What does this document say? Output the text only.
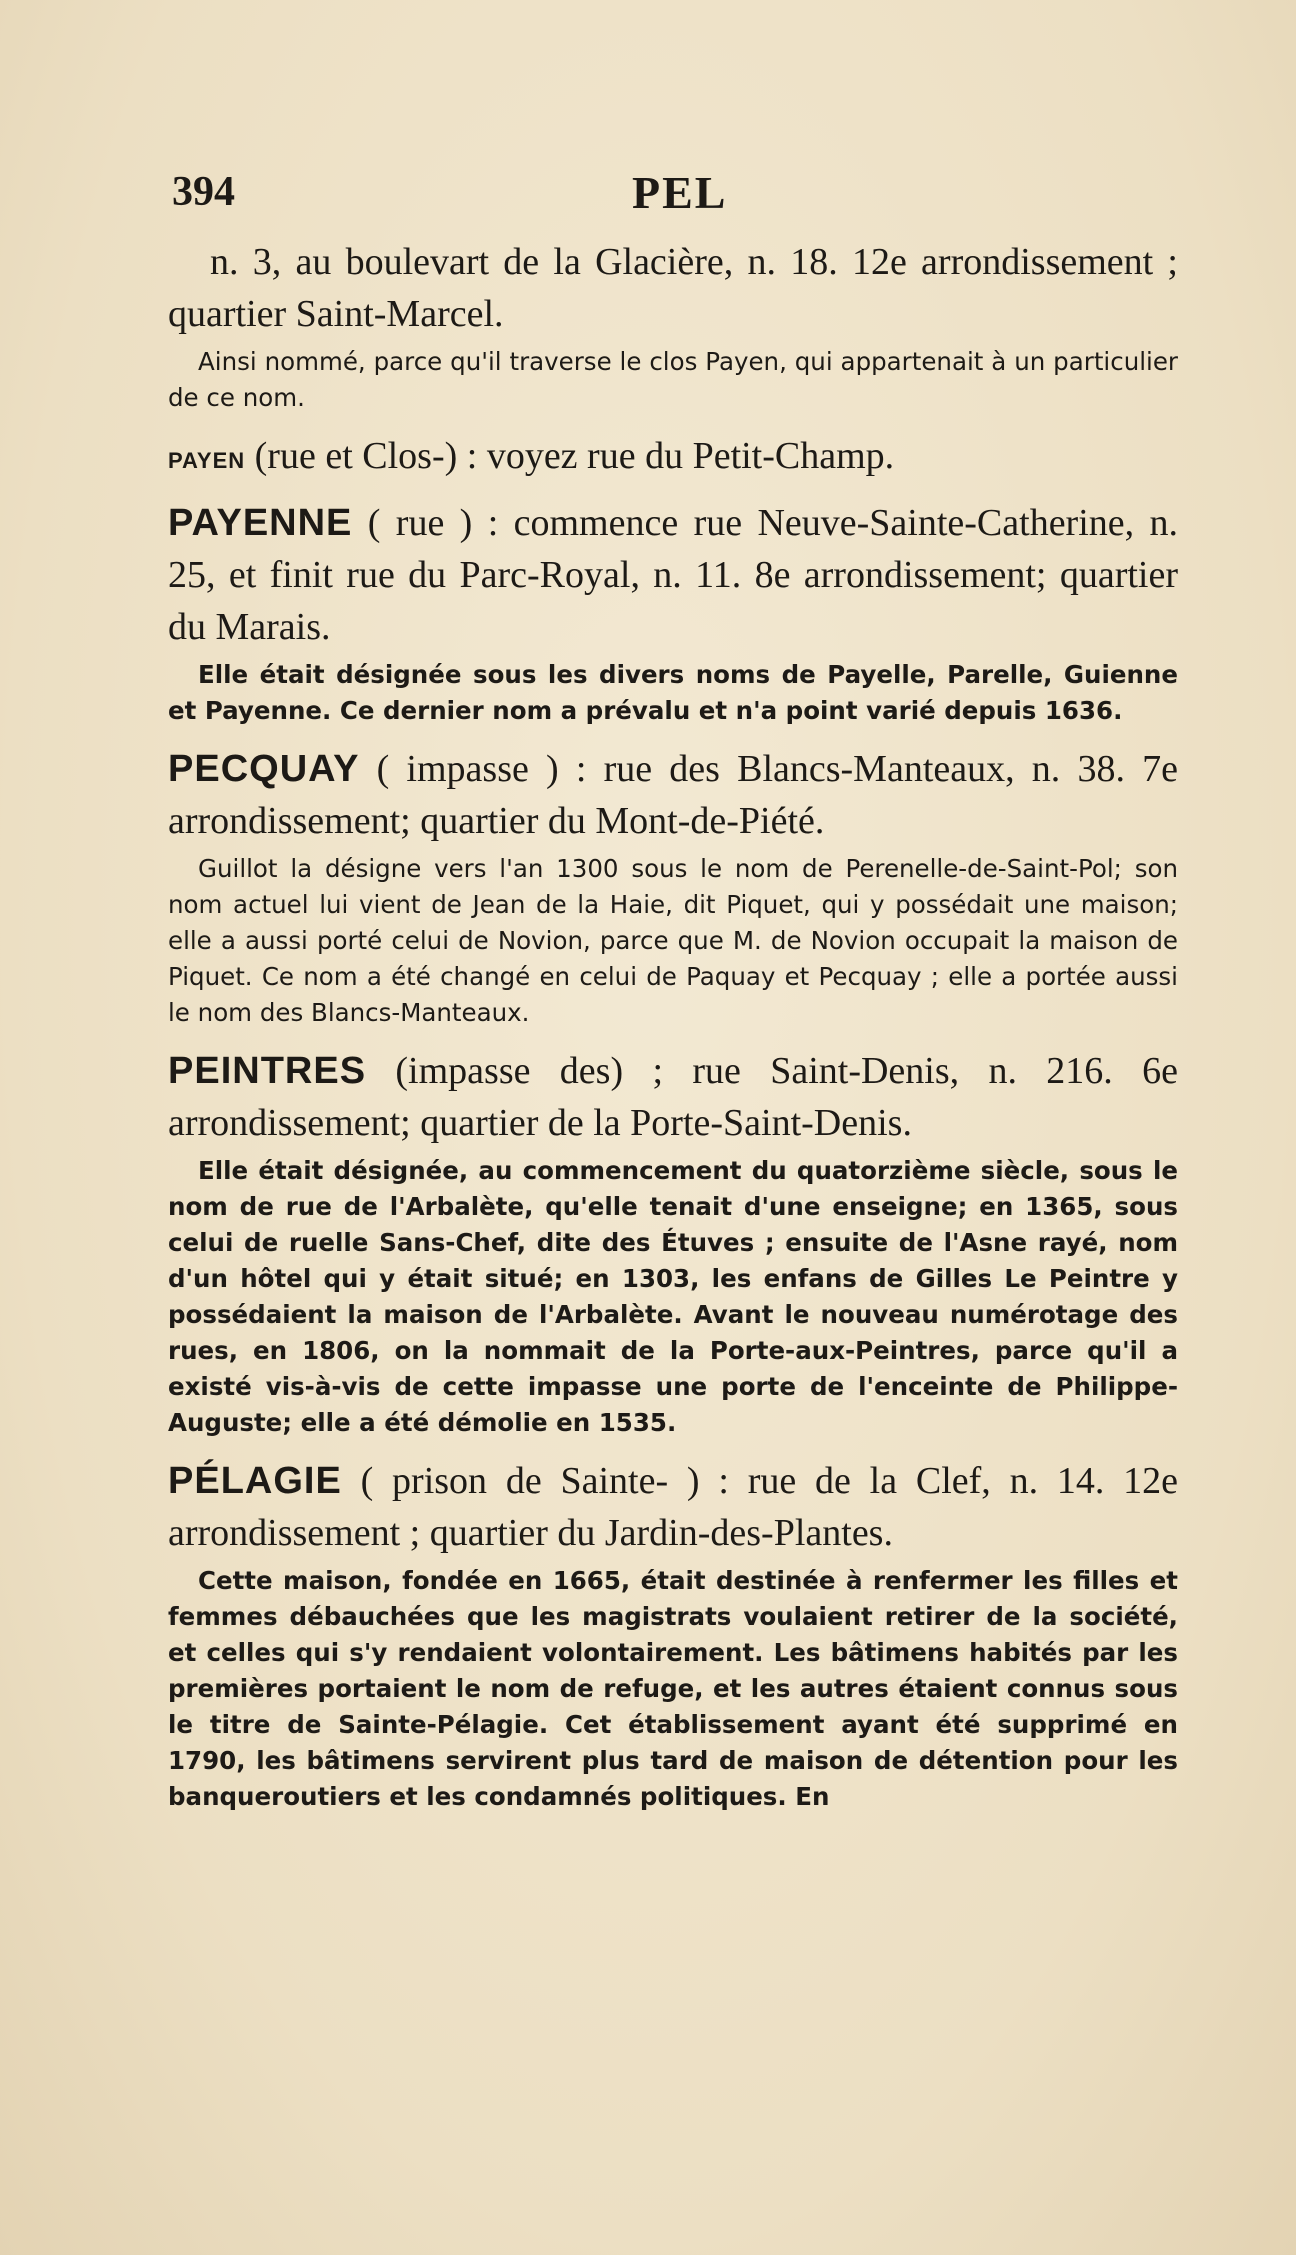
394	PEL

n. 3, au boulevart de la Glacière, n. 18. 12e arrondissement ; quartier Saint-Marcel.

Ainsi nommé, parce qu'il traverse le clos Payen, qui appartenait à un particulier de ce nom.

PAYEN (rue et Clos-) : voyez rue du Petit-Champ.

PAYENNE ( rue ) : commence rue Neuve-Sainte-Catherine, n. 25, et finit rue du Parc-Royal, n. 11. 8e arrondissement; quartier du Marais.

Elle était désignée sous les divers noms de Payelle, Parelle, Guienne et Payenne. Ce dernier nom a prévalu et n'a point varié depuis 1636.

PECQUAY ( impasse ) : rue des Blancs-Manteaux, n. 38. 7e arrondissement; quartier du Mont-de-Piété.

Guillot la désigne vers l'an 1300 sous le nom de Perenelle-de-Saint-Pol; son nom actuel lui vient de Jean de la Haie, dit Piquet, qui y possédait une maison; elle a aussi porté celui de Novion, parce que M. de Novion occupait la maison de Piquet. Ce nom a été changé en celui de Paquay et Pecquay ; elle a portée aussi le nom des Blancs-Manteaux.

PEINTRES (impasse des) ; rue Saint-Denis, n. 216. 6e arrondissement; quartier de la Porte-Saint-Denis.

Elle était désignée, au commencement du quatorzième siècle, sous le nom de rue de l'Arbalète, qu'elle tenait d'une enseigne; en 1365, sous celui de ruelle Sans-Chef, dite des Étuves ; ensuite de l'Asne rayé, nom d'un hôtel qui y était situé; en 1303, les enfans de Gilles Le Peintre y possédaient la maison de l'Arbalète. Avant le nouveau numérotage des rues, en 1806, on la nommait de la Porte-aux-Peintres, parce qu'il a existé vis-à-vis de cette impasse une porte de l'enceinte de Philippe-Auguste; elle a été démolie en 1535.

PÉLAGIE ( prison de Sainte- ) : rue de la Clef, n. 14. 12e arrondissement ; quartier du Jardin-des-Plantes.

Cette maison, fondée en 1665, était destinée à renfermer les filles et femmes débauchées que les magistrats voulaient retirer de la société, et celles qui s'y rendaient volontairement. Les bâtimens habités par les premières portaient le nom de refuge, et les autres étaient connus sous le titre de Sainte-Pélagie. Cet établissement ayant été supprimé en 1790, les bâtimens servirent plus tard de maison de détention pour les banqueroutiers et les condamnés politiques. En
